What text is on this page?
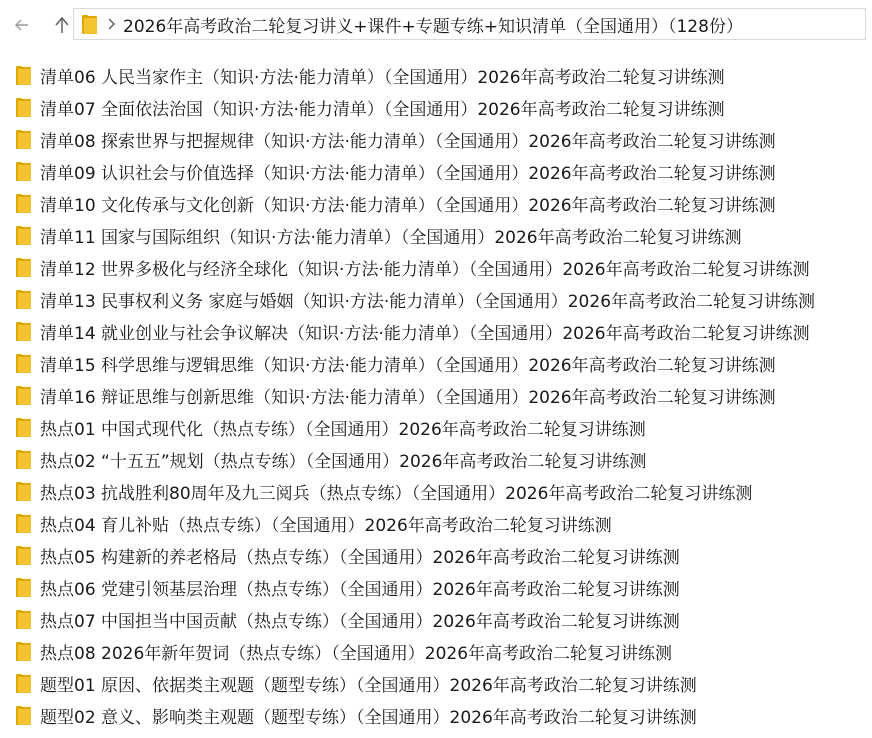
2026年高考政治二轮复习讲义+课件+专题专练+知识清单（全国通用）（128份）
清单06 人民当家作主（知识·方法·能力清单）（全国通用）2026年高考政治二轮复习讲练测
清单07 全面依法治国（知识·方法·能力清单）（全国通用）2026年高考政治二轮复习讲练测
清单08 探索世界与把握规律（知识·方法·能力清单）（全国通用）2026年高考政治二轮复习讲练测
清单09 认识社会与价值选择（知识·方法·能力清单）（全国通用）2026年高考政治二轮复习讲练测
清单10 文化传承与文化创新（知识·方法·能力清单）（全国通用）2026年高考政治二轮复习讲练测
清单11 国家与国际组织（知识·方法·能力清单）（全国通用）2026年高考政治二轮复习讲练测
清单12 世界多极化与经济全球化（知识·方法·能力清单）（全国通用）2026年高考政治二轮复习讲练测
清单13 民事权利义务 家庭与婚姻（知识·方法·能力清单）（全国通用）2026年高考政治二轮复习讲练测
清单14 就业创业与社会争议解决（知识·方法·能力清单）（全国通用）2026年高考政治二轮复习讲练测
清单15 科学思维与逻辑思维（知识·方法·能力清单）（全国通用）2026年高考政治二轮复习讲练测
清单16 辩证思维与创新思维（知识·方法·能力清单）（全国通用）2026年高考政治二轮复习讲练测
热点01 中国式现代化（热点专练）（全国通用）2026年高考政治二轮复习讲练测
热点02 “十五五”规划（热点专练）（全国通用）2026年高考政治二轮复习讲练测
热点03 抗战胜利80周年及九三阅兵（热点专练）（全国通用）2026年高考政治二轮复习讲练测
热点04 育儿补贴（热点专练）（全国通用）2026年高考政治二轮复习讲练测
热点05 构建新的养老格局（热点专练）（全国通用）2026年高考政治二轮复习讲练测
热点06 党建引领基层治理（热点专练）（全国通用）2026年高考政治二轮复习讲练测
热点07 中国担当中国贡献（热点专练）（全国通用）2026年高考政治二轮复习讲练测
热点08 2026年新年贺词（热点专练）（全国通用）2026年高考政治二轮复习讲练测
题型01 原因、依据类主观题（题型专练）（全国通用）2026年高考政治二轮复习讲练测
题型02 意义、影响类主观题（题型专练）（全国通用）2026年高考政治二轮复习讲练测
